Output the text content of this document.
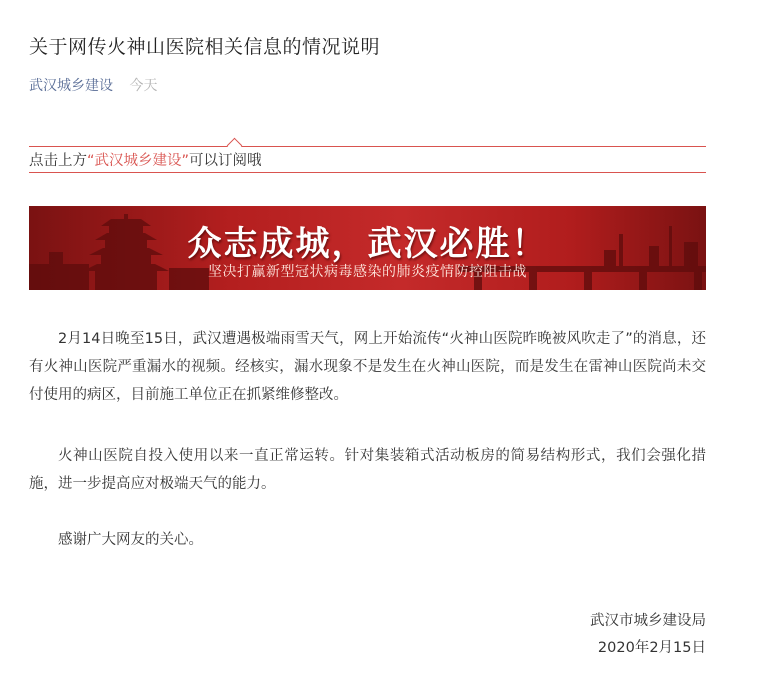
关于网传火神山医院相关信息的情况说明
武汉城乡建设 今天
点击上方“武汉城乡建设”可以订阅哦
众志成城，武汉必胜！
坚决打赢新型冠状病毒感染的肺炎疫情防控阻击战

2月14日晚至15日，武汉遭遇极端雨雪天气，网上开始流传“火神山医院昨晚被风吹走了”的消息，还有火神山医院严重漏水的视频。经核实，漏水现象不是发生在火神山医院，而是发生在雷神山医院尚未交付使用的病区，目前施工单位正在抓紧维修整改。

火神山医院自投入使用以来一直正常运转。针对集装箱式活动板房的简易结构形式，我们会强化措施，进一步提高应对极端天气的能力。

感谢广大网友的关心。

武汉市城乡建设局
2020年2月15日
